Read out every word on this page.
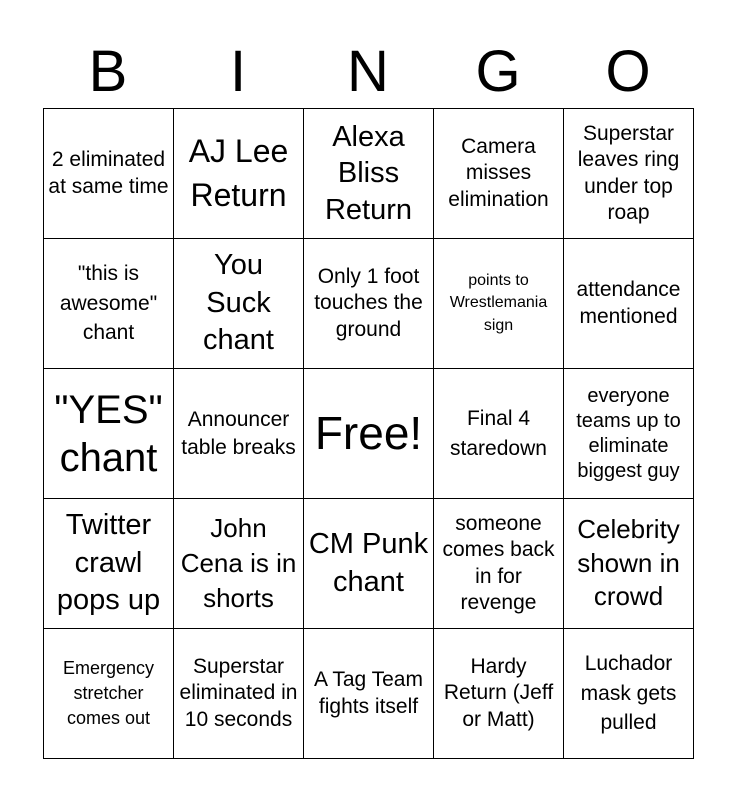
B	I	N	G	O
2 eliminated at same time	AJ Lee Return	Alexa Bliss Return	Camera misses elimination	Superstar leaves ring under top roap
"this is awesome" chant	You Suck chant	Only 1 foot touches the ground	points to Wrestlemania sign	attendance mentioned
"YES" chant	Announcer table breaks	Free!	Final 4 staredown	everyone teams up to eliminate biggest guy
Twitter crawl pops up	John Cena is in shorts	CM Punk chant	someone comes back in for revenge	Celebrity shown in crowd
Emergency stretcher comes out	Superstar eliminated in 10 seconds	A Tag Team fights itself	Hardy Return (Jeff or Matt)	Luchador mask gets pulled
